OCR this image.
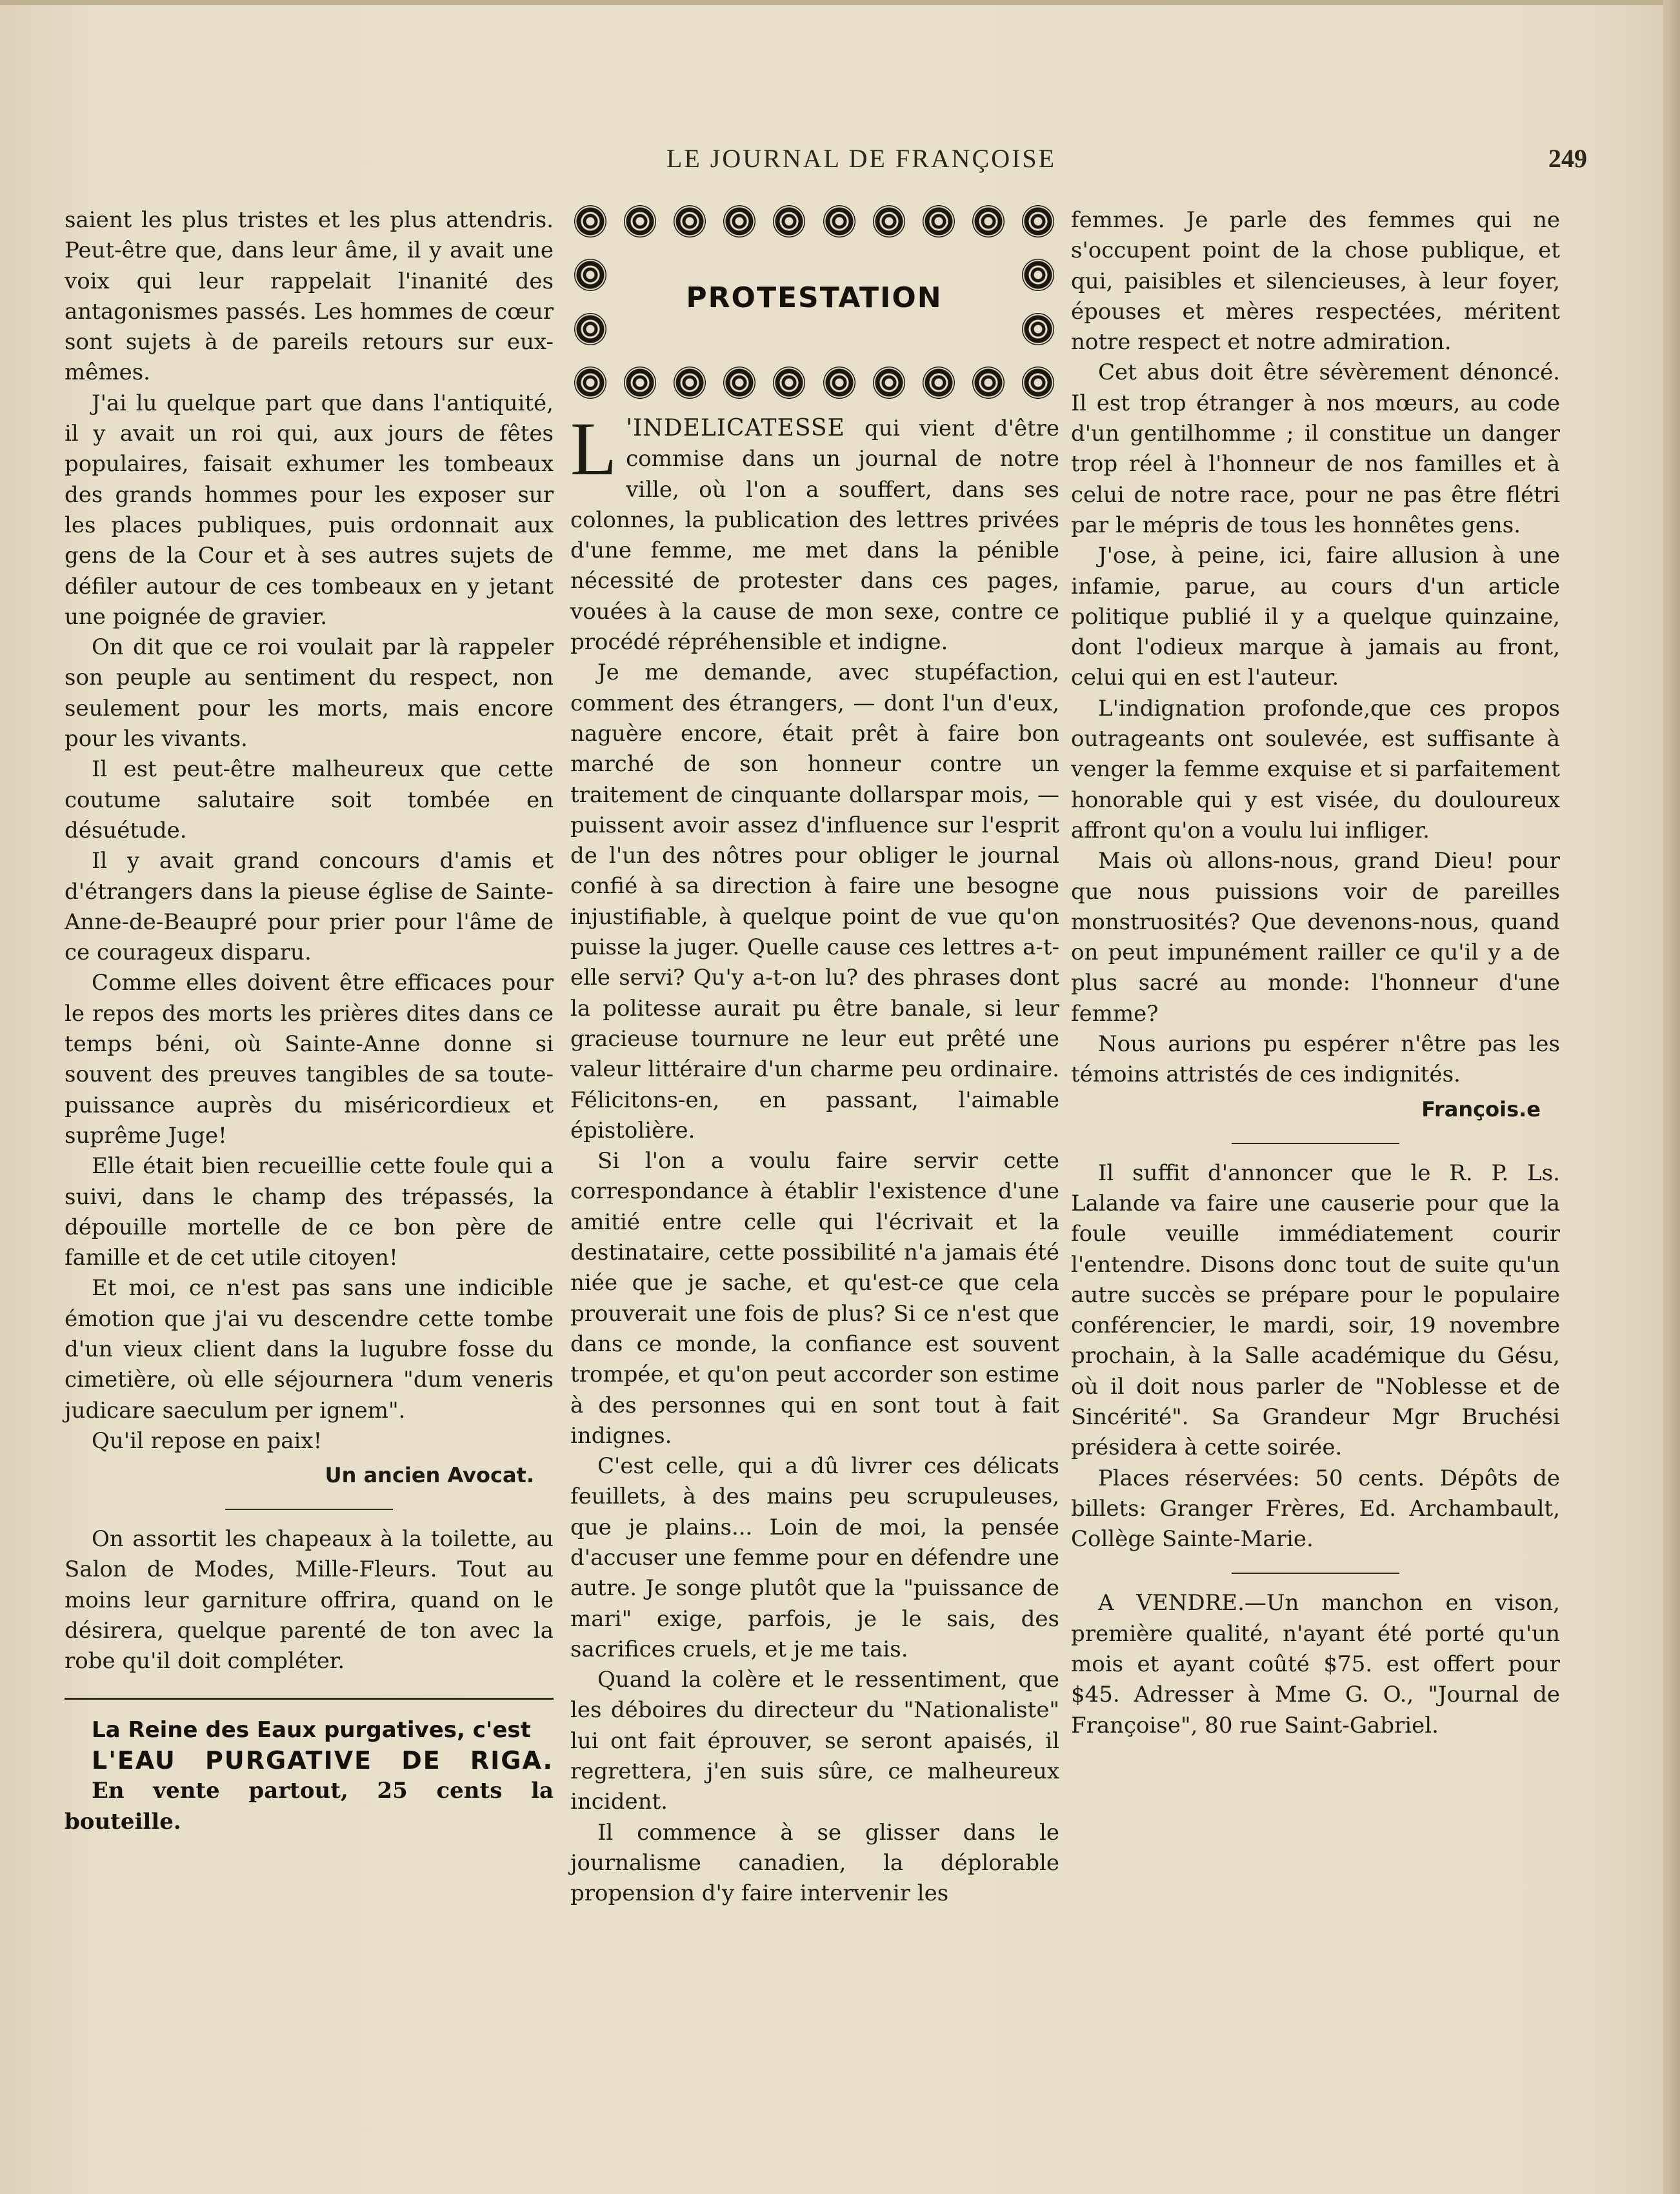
LE JOURNAL DE FRANÇOISE	249

saient les plus tristes et les plus attendris. Peut-être que, dans leur âme, il y avait une voix qui leur rappelait l'inanité des antagonismes passés. Les hommes de cœur sont sujets à de pareils retours sur eux-mêmes.

J'ai lu quelque part que dans l'antiquité, il y avait un roi qui, aux jours de fêtes populaires, faisait exhumer les tombeaux des grands hommes pour les exposer sur les places publiques, puis ordonnait aux gens de la Cour et à ses autres sujets de défiler autour de ces tombeaux en y jetant une poignée de gravier.

On dit que ce roi voulait par là rappeler son peuple au sentiment du respect, non seulement pour les morts, mais encore pour les vivants.

Il est peut-être malheureux que cette coutume salutaire soit tombée en désuétude.

Il y avait grand concours d'amis et d'étrangers dans la pieuse église de Sainte-Anne-de-Beaupré pour prier pour l'âme de ce courageux disparu.

Comme elles doivent être efficaces pour le repos des morts les prières dites dans ce temps béni, où Sainte-Anne donne si souvent des preuves tangibles de sa toute-puissance auprès du miséricordieux et suprême Juge!

Elle était bien recueillie cette foule qui a suivi, dans le champ des trépassés, la dépouille mortelle de ce bon père de famille et de cet utile citoyen!

Et moi, ce n'est pas sans une indicible émotion que j'ai vu descendre cette tombe d'un vieux client dans la lugubre fosse du cimetière, où elle séjournera "dum veneris judicare saeculum per ignem".

Qu'il repose en paix!

Un ancien Avocat.

On assortit les chapeaux à la toilette, au Salon de Modes, Mille-Fleurs. Tout au moins leur garniture offrira, quand on le désirera, quelque parenté de ton avec la robe qu'il doit compléter.

La Reine des Eaux purgatives, c'est

L'EAU PURGATIVE DE RIGA.

En vente partout, 25 cents la bouteille.

PROTESTATION

L 'INDELICATESSE qui vient d'être commise dans un journal de notre ville, où l'on a souffert, dans ses colonnes, la publication des lettres privées d'une femme, me met dans la pénible nécessité de protester dans ces pages, vouées à la cause de mon sexe, contre ce procédé répréhensible et indigne.

Je me demande, avec stupéfaction, comment des étrangers, — dont l'un d'eux, naguère encore, était prêt à faire bon marché de son honneur contre un traitement de cinquante dollarspar mois, — puissent avoir assez d'influence sur l'esprit de l'un des nôtres pour obliger le journal confié à sa direction à faire une besogne injustifiable, à quelque point de vue qu'on puisse la juger. Quelle cause ces lettres a-t-elle servi? Qu'y a-t-on lu? des phrases dont la politesse aurait pu être banale, si leur gracieuse tournure ne leur eut prêté une valeur littéraire d'un charme peu ordinaire. Félicitons-en, en passant, l'aimable épistolière.

Si l'on a voulu faire servir cette correspondance à établir l'existence d'une amitié entre celle qui l'écrivait et la destinataire, cette possibilité n'a jamais été niée que je sache, et qu'est-ce que cela prouverait une fois de plus? Si ce n'est que dans ce monde, la confiance est souvent trompée, et qu'on peut accorder son estime à des personnes qui en sont tout à fait indignes.

C'est celle, qui a dû livrer ces délicats feuillets, à des mains peu scrupuleuses, que je plains... Loin de moi, la pensée d'accuser une femme pour en défendre une autre. Je songe plutôt que la "puissance de mari" exige, parfois, je le sais, des sacrifices cruels, et je me tais.

Quand la colère et le ressentiment, que les déboires du directeur du "Nationaliste" lui ont fait éprouver, se seront apaisés, il regrettera, j'en suis sûre, ce malheureux incident.

Il commence à se glisser dans le journalisme canadien, la déplorable propension d'y faire intervenir les

femmes. Je parle des femmes qui ne s'occupent point de la chose publique, et qui, paisibles et silencieuses, à leur foyer, épouses et mères respectées, méritent notre respect et notre admiration.

Cet abus doit être sévèrement dénoncé. Il est trop étranger à nos mœurs, au code d'un gentilhomme ; il constitue un danger trop réel à l'honneur de nos familles et à celui de notre race, pour ne pas être flétri par le mépris de tous les honnêtes gens.

J'ose, à peine, ici, faire allusion à une infamie, parue, au cours d'un article politique publié il y a quelque quinzaine, dont l'odieux marque à jamais au front, celui qui en est l'auteur.

L'indignation profonde,que ces propos outrageants ont soulevée, est suffisante à venger la femme exquise et si parfaitement honorable qui y est visée, du douloureux affront qu'on a voulu lui infliger.

Mais où allons-nous, grand Dieu! pour que nous puissions voir de pareilles monstruosités? Que devenons-nous, quand on peut impunément railler ce qu'il y a de plus sacré au monde: l'honneur d'une femme?

Nous aurions pu espérer n'être pas les témoins attristés de ces indignités.

François.e

Il suffit d'annoncer que le R. P. Ls. Lalande va faire une causerie pour que la foule veuille immédiatement courir l'entendre. Disons donc tout de suite qu'un autre succès se prépare pour le populaire conférencier, le mardi, soir, 19 novembre prochain, à la Salle académique du Gésu, où il doit nous parler de "Noblesse et de Sincérité". Sa Grandeur Mgr Bruchési présidera à cette soirée.

Places réservées: 50 cents. Dépôts de billets: Granger Frères, Ed. Archambault, Collège Sainte-Marie.

A VENDRE.—Un manchon en vison, première qualité, n'ayant été porté qu'un mois et ayant coûté $75. est offert pour $45. Adresser à Mme G. O., "Journal de Françoise", 80 rue Saint-Gabriel.
